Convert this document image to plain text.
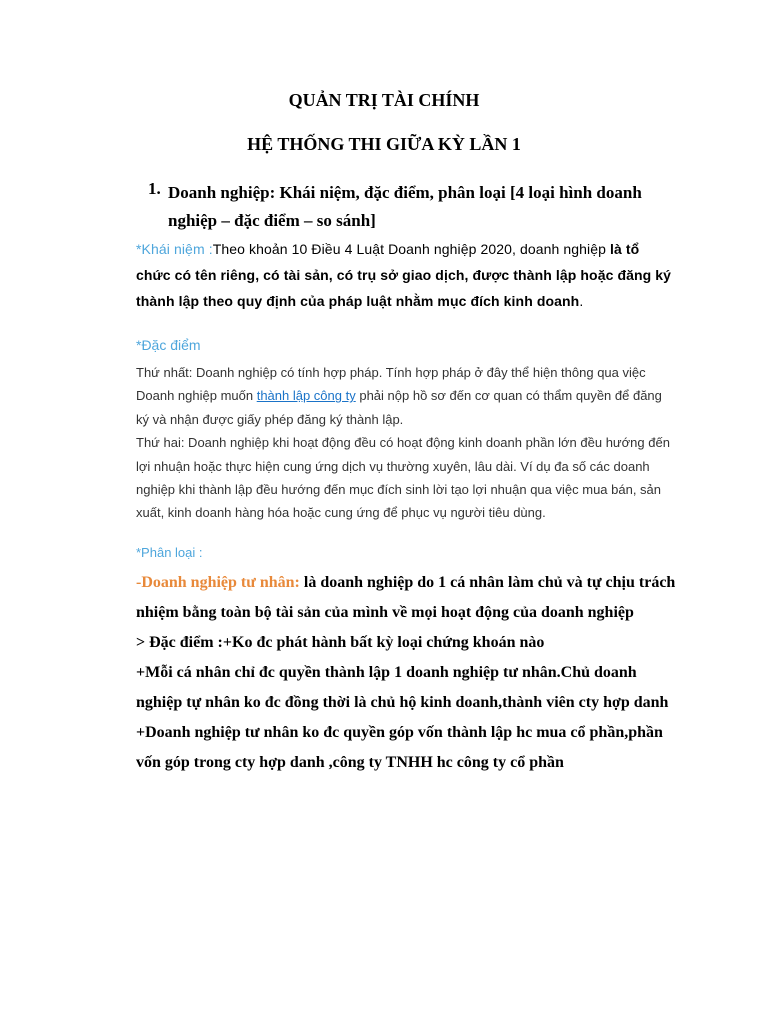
QUẢN TRỊ TÀI CHÍNH
HỆ THỐNG THI GIỮA KỲ LẦN 1
1. Doanh nghiệp: Khái niệm, đặc điểm, phân loại [4 loại hình doanh nghiệp – đặc điểm – so sánh]
*Khái niệm :Theo khoản 10 Điều 4 Luật Doanh nghiệp 2020, doanh nghiệp là tổ chức có tên riêng, có tài sản, có trụ sở giao dịch, được thành lập hoặc đăng ký thành lập theo quy định của pháp luật nhằm mục đích kinh doanh.
*Đặc điểm
Thứ nhất: Doanh nghiệp có tính hợp pháp. Tính hợp pháp ở đây thể hiện thông qua việc Doanh nghiệp muốn thành lập công ty phải nộp hồ sơ đến cơ quan có thẩm quyền để đăng ký và nhận được giấy phép đăng ký thành lập.
Thứ hai: Doanh nghiệp khi hoạt động đều có hoạt động kinh doanh phần lớn đều hướng đến lợi nhuận hoặc thực hiện cung ứng dịch vụ thường xuyên, lâu dài. Ví dụ đa số các doanh nghiệp khi thành lập đều hướng đến mục đích sinh lời tạo lợi nhuận qua việc mua bán, sản xuất, kinh doanh hàng hóa hoặc cung ứng để phục vụ người tiêu dùng.
*Phân loại :
-Doanh nghiệp tư nhân: là doanh nghiệp do 1 cá nhân làm chủ và tự chịu trách nhiệm bằng toàn bộ tài sản của mình về mọi hoạt động của doanh nghiệp
> Đặc điểm :+Ko đc phát hành bất kỳ loại chứng khoán nào
+Mỗi cá nhân chỉ đc quyền thành lập 1 doanh nghiệp tư nhân.Chủ doanh nghiệp tự nhân ko đc đồng thời là chủ hộ kinh doanh,thành viên cty hợp danh
+Doanh nghiệp tư nhân ko đc quyền góp vốn thành lập hc mua cổ phần,phần vốn góp trong cty hợp danh ,công ty TNHH hc công ty cổ phần
